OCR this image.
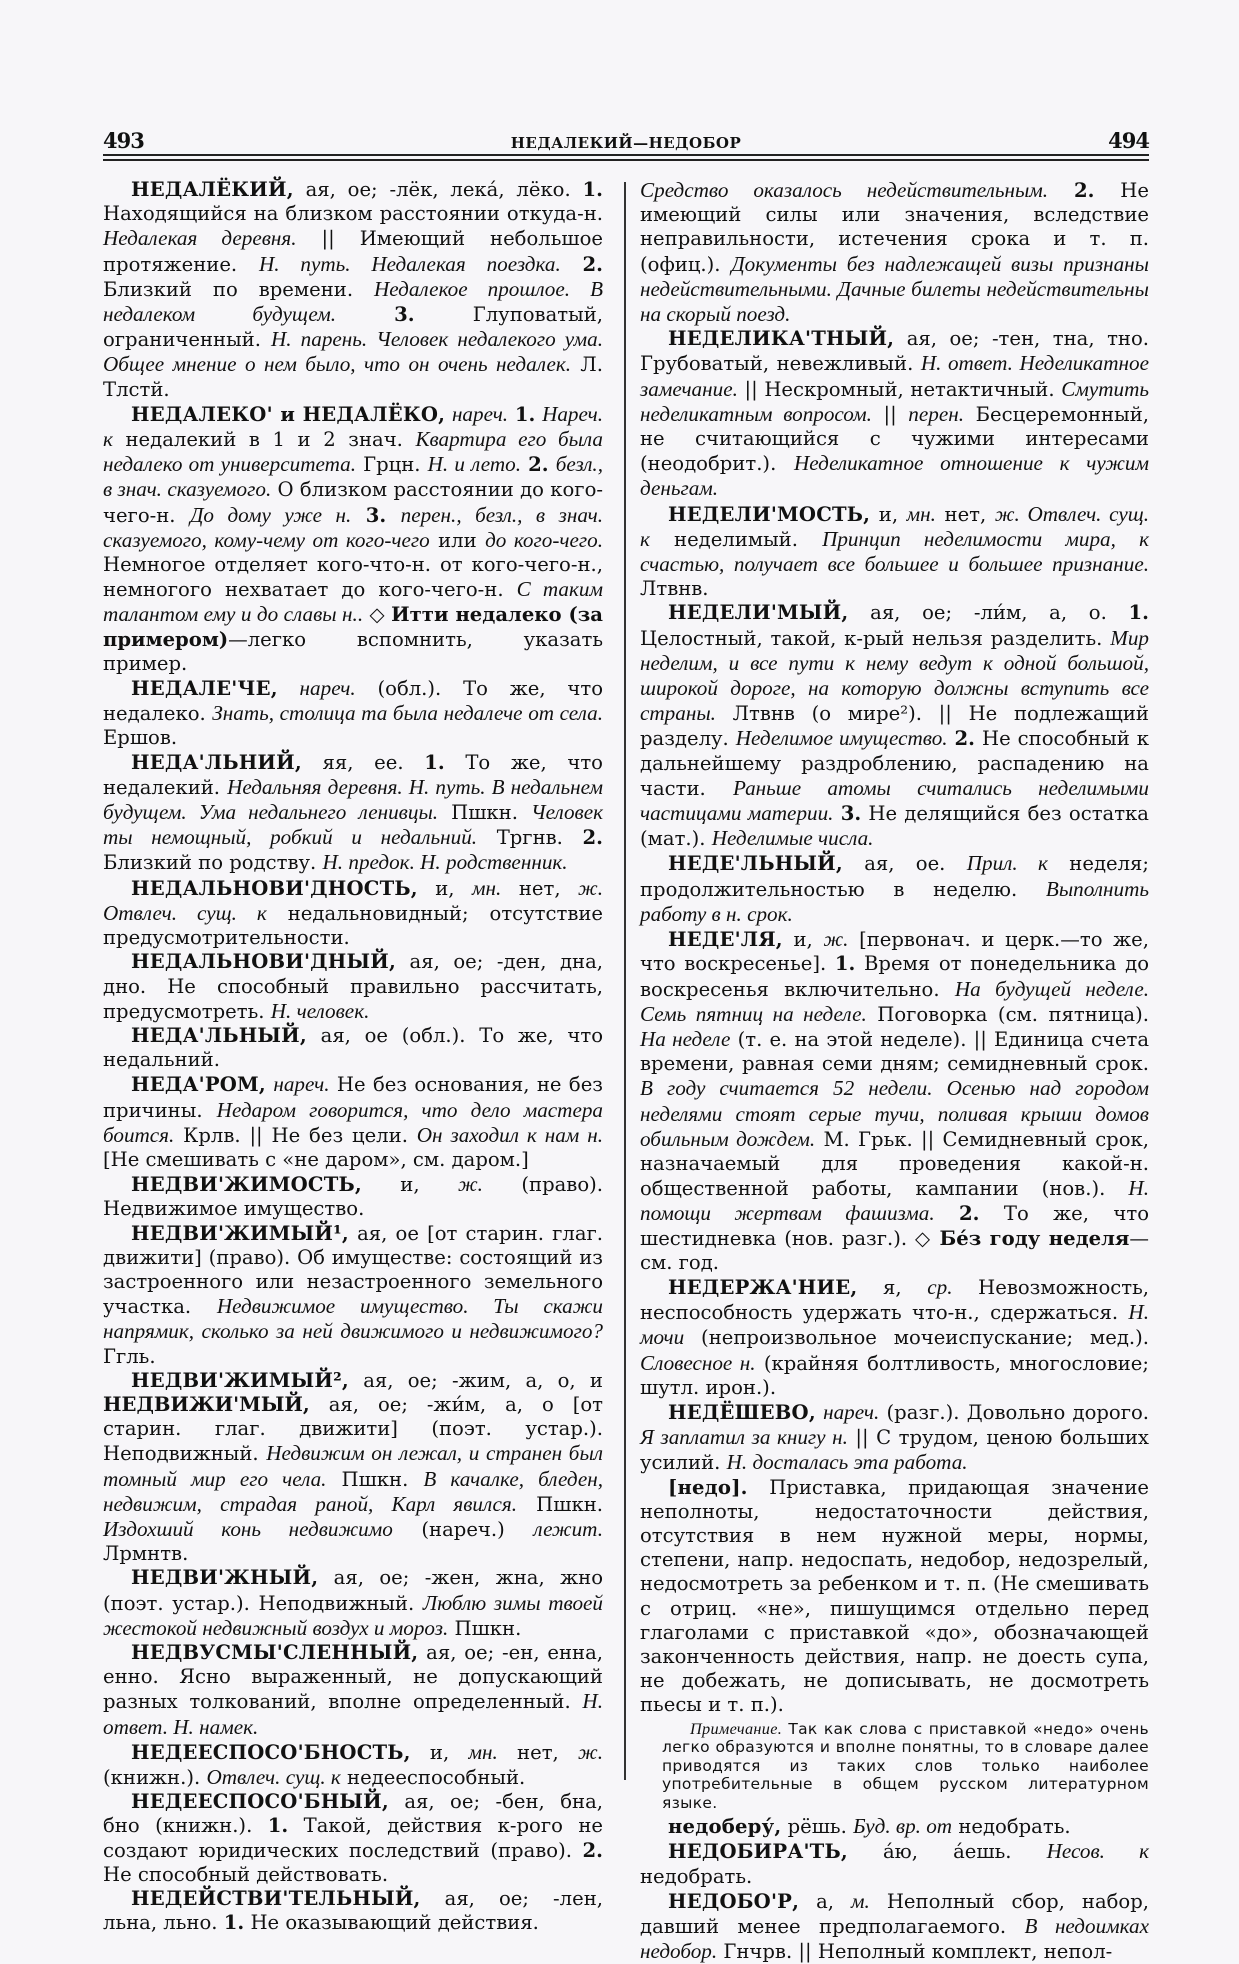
493	НЕДАЛЕКИЙ—НЕДОБОР	494

НЕДАЛЁКИЙ, ая, ое; -лёк, лека́, лёко. 1. Находящийся на близком расстоянии откуда-н. Недалекая деревня. || Имеющий небольшое протяжение. Н. путь. Недалекая поездка. 2. Близкий по времени. Недалекое прошлое. В недалеком будущем.	3. Глуповатый, ограниченный. Н. парень. Человек недалекого ума. Общее мнение о нем было, что он очень недалек. Л. Тлстй.

НЕДАЛЕКО' и НЕДАЛЁКО, нареч. 1. Нареч. к недалекий в 1 и 2 знач. Квартира его была недалеко от университета. Грцн. Н. и лето. 2. безл., в знач. сказуемого. О близком расстоянии до кого-чего-н. До дому уже н. 3. перен., безл., в знач. сказуемого, кому-чему от кого-чего или до кого-чего. Немногое отделяет кого-что-н. от кого-чего-н., немногого нехватает до кого-чего-н. С таким талантом ему и до славы н.. ◇ Итти недалеко (за примером)—легко вспомнить, указать пример.

НЕДАЛЕ'ЧЕ, нареч. (обл.). То же, что недалеко. Знать, столица та была недалече от села. Ершов.

НЕДА'ЛЬНИЙ, яя, ее. 1. То же, что недалекий. Недальняя деревня. Н. путь. В недальнем будущем. Ума недальнего ленивцы. Пшкн. Человек ты немощный, робкий и недальний. Тргнв. 2. Близкий по родству. Н. предок. Н. родственник.

НЕДАЛЬНОВИ'ДНОСТЬ, и, мн. нет, ж. Отвлеч. сущ. к недальновидный; отсутствие предусмотрительности.

НЕДАЛЬНОВИ'ДНЫЙ, ая, ое; -ден, дна, дно. Не способный правильно рассчитать, предусмотреть. Н. человек.

НЕДА'ЛЬНЫЙ, ая, ое (обл.). То же, что недальний.

НЕДА'РОМ, нареч. Не без основания, не без причины. Недаром говорится, что дело мастера боится. Крлв. || Не без цели. Он заходил к нам н. [Не смешивать с «не даром», см. даром.]

НЕДВИ'ЖИМОСТЬ, и, ж. (право). Недвижимое имущество.

НЕДВИ'ЖИМЫЙ¹, ая, ое [от старин. глаг. движити] (право). Об имуществе: состоящий из застроенного или незастроенного земельного участка. Недвижимое имущество. Ты скажи напрямик, сколько за ней движимого и недвижимого? Ггль.

НЕДВИ'ЖИМЫЙ², ая, ое; -жим, а, о, и НЕДВИЖИ'МЫЙ, ая, ое; -жи́м, а, о [от старин. глаг. движити] (поэт. устар.). Неподвижный. Недвижим он лежал, и странен был томный мир его чела. Пшкн. В качалке, бледен, недвижим, страдая раной, Карл явился. Пшкн. Издохший конь недвижимо (нареч.) лежит. Лрмнтв.

НЕДВИ'ЖНЫЙ, ая, ое; -жен, жна, жно (поэт. устар.). Неподвижный. Люблю зимы твоей жестокой недвижный воздух и мороз. Пшкн.

НЕДВУСМЫ'СЛЕННЫЙ, ая, ое; -ен, енна, енно. Ясно выраженный, не допускающий разных толкований, вполне определенный. Н. ответ. Н. намек.

НЕДЕЕСПОСО'БНОСТЬ, и, мн. нет, ж. (книжн.). Отвлеч. сущ. к недееспособный.

НЕДЕЕСПОСО'БНЫЙ, ая, ое; -бен, бна, бно (книжн.). 1. Такой, действия к-рого не создают юридических последствий (право). 2. Не способный действовать.

НЕДЕЙСТВИ'ТЕЛЬНЫЙ, ая, ое; -лен, льна, льно. 1. Не оказывающий действия.

Средство оказалось недействительным. 2. Не имеющий силы или значения, вследствие неправильности, истечения срока и т. п. (офиц.). Документы без надлежащей визы признаны недействительными. Дачные билеты недействительны на скорый поезд.

НЕДЕЛИКА'ТНЫЙ, ая, ое; -тен, тна, тно. Грубоватый, невежливый. Н. ответ. Неделикатное замечание. || Нескромный, нетактичный. Смутить неделикатным вопросом. || перен. Бесцеремонный, не считающийся с чужими интересами (неодобрит.). Неделикатное отношение к чужим деньгам.

НЕДЕЛИ'МОСТЬ, и, мн. нет, ж. Отвлеч. сущ. к неделимый. Принцип неделимости мира, к счастью, получает все большее и большее признание. Лтвнв.

НЕДЕЛИ'МЫЙ, ая, ое; -ли́м, а, о. 1. Целостный, такой, к-рый нельзя разделить. Мир неделим, и все пути к нему ведут к одной большой, широкой дороге, на которую должны вступить все страны. Лтвнв (о мире²). || Не подлежащий разделу. Неделимое имущество. 2. Не способный к дальнейшему раздроблению, распадению на части. Раньше атомы считались неделимыми частицами материи. 3. Не делящийся без остатка (мат.). Неделимые числа.

НЕДЕ'ЛЬНЫЙ, ая, ое. Прил. к неделя; продолжительностью в неделю. Выполнить работу в н. срок.

НЕДЕ'ЛЯ, и, ж. [первонач. и церк.—то же, что воскресенье]. 1. Время от понедельника до воскресенья включительно. На будущей неделе. Семь пятниц на неделе. Поговорка (см. пятница). На неделе (т. е. на этой неделе). || Единица счета времени, равная семи дням; семидневный срок. В году считается 52 недели. Осенью над городом неделями стоят серые тучи, поливая крыши домов обильным дождем. М. Грьк. || Семидневный срок, назначаемый для проведения какой-н. общественной работы, кампании (нов.). Н. помощи жертвам фашизма. 2. То же, что шестидневка (нов. разг.). ◇ Бе́з году неделя—см. год.

НЕДЕРЖА'НИЕ, я, ср. Невозможность, неспособность удержать что-н., сдержаться. Н. мочи (непроизвольное мочеиспускание; мед.). Словесное н. (крайняя болтливость, многословие; шутл. ирон.).

НЕДЁШЕВО, нареч. (разг.). Довольно дорого. Я заплатил за книгу н. || С трудом, ценою больших усилий. Н. досталась эта работа.

[недо]. Приставка, придающая значение неполноты, недостаточности действия, отсутствия в нем нужной меры, нормы, степени, напр. недоспать, недобор, недозрелый, недосмотреть за ребенком и т. п. (Не смешивать с отриц. «не», пишущимся отдельно перед глаголами с приставкой «до», обозначающей законченность действия, напр. не доесть супа, не добежать, не дописывать, не досмотреть пьесы и т. п.).

Примечание. Так как слова с приставкой «недо» очень легко образуются и вполне понятны, то в словаре далее приводятся из таких слов только наиболее употребительные в общем русском литературном языке.

недоберу́, рёшь. Буд. вр. от недобрать.

НЕДОБИРА'ТЬ, а́ю, а́ешь. Несов. к недобрать.

НЕДОБО'Р, а, м. Неполный сбор, набор, давший менее предполагаемого. В недоимках недобор. Гнчрв. || Неполный комплект, непол-
